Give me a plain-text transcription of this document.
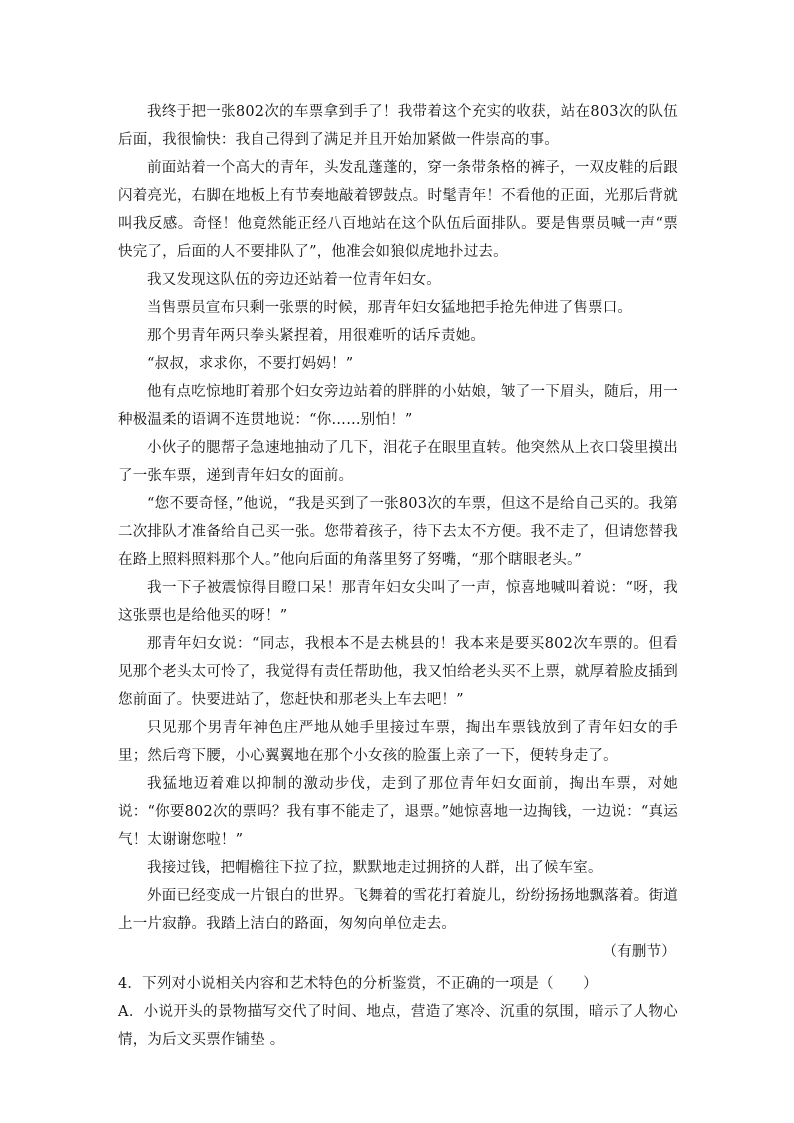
我终于把一张802次的车票拿到手了！我带着这个充实的收获，站在803次的队伍后面，我很愉快：我自己得到了满足并且开始加紧做一件崇高的事。

前面站着一个高大的青年，头发乱蓬蓬的，穿一条带条格的裤子，一双皮鞋的后跟闪着亮光，右脚在地板上有节奏地敲着锣鼓点。时髦青年！不看他的正面，光那后背就叫我反感。奇怪！他竟然能正经八百地站在这个队伍后面排队。要是售票员喊一声“票快完了，后面的人不要排队了”，他准会如狼似虎地扑过去。

我又发现这队伍的旁边还站着一位青年妇女。

当售票员宣布只剩一张票的时候，那青年妇女猛地把手抢先伸进了售票口。

那个男青年两只拳头紧捏着，用很难听的话斥责她。

“叔叔，求求你，不要打妈妈！”

他有点吃惊地盯着那个妇女旁边站着的胖胖的小姑娘，皱了一下眉头，随后，用一种极温柔的语调不连贯地说：“你……别怕！”

小伙子的腮帮子急速地抽动了几下，泪花子在眼里直转。他突然从上衣口袋里摸出了一张车票，递到青年妇女的面前。

“您不要奇怪，”他说，“我是买到了一张803次的车票，但这不是给自己买的。我第二次排队才准备给自己买一张。您带着孩子，待下去太不方便。我不走了，但请您替我在路上照料照料那个人。”他向后面的角落里努了努嘴，“那个瞎眼老头。”

我一下子被震惊得目瞪口呆！那青年妇女尖叫了一声，惊喜地喊叫着说：“呀，我这张票也是给他买的呀！”

那青年妇女说：“同志，我根本不是去桃县的！我本来是要买802次车票的。但看见那个老头太可怜了，我觉得有责任帮助他，我又怕给老头买不上票，就厚着脸皮插到您前面了。快要进站了，您赶快和那老头上车去吧！”

只见那个男青年神色庄严地从她手里接过车票，掏出车票钱放到了青年妇女的手里；然后弯下腰，小心翼翼地在那个小女孩的脸蛋上亲了一下，便转身走了。

我猛地迈着难以抑制的激动步伐，走到了那位青年妇女面前，掏出车票，对她说：“你要802次的票吗？我有事不能走了，退票。”她惊喜地一边掏钱，一边说：“真运气！太谢谢您啦！”

我接过钱，把帽檐往下拉了拉，默默地走过拥挤的人群，出了候车室。

外面已经变成一片银白的世界。飞舞着的雪花打着旋儿，纷纷扬扬地飘落着。街道上一片寂静。我踏上洁白的路面，匆匆向单位走去。

（有删节）

4．下列对小说相关内容和艺术特色的分析鉴赏，不正确的一项是（　　）

A．小说开头的景物描写交代了时间、地点，营造了寒冷、沉重的氛围，暗示了人物心情，为后文买票作铺垫 。
